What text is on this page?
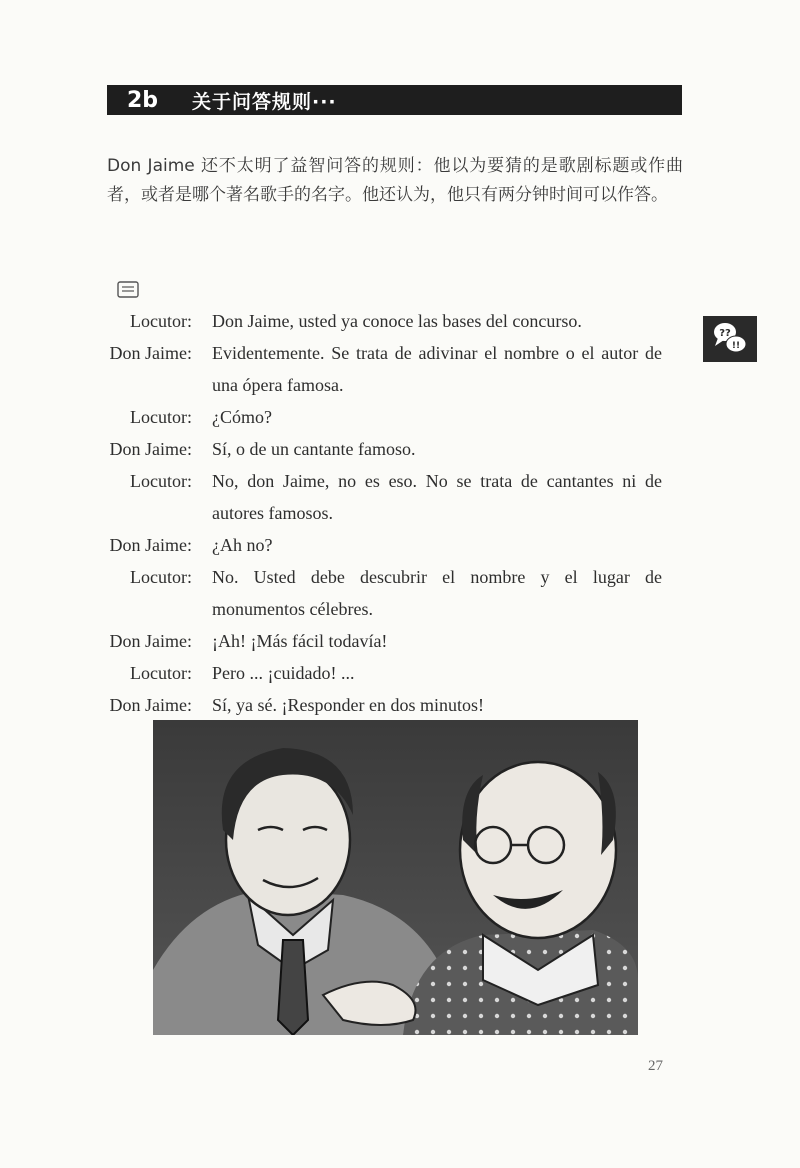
2b	关于问答规则···
Don Jaime 还不太明了益智问答的规则：他以为要猜的是歌剧标题或作曲者，或者是哪个著名歌手的名字。他还认为，他只有两分钟时间可以作答。
??
!!
Locutor:	Don Jaime, usted ya conoce las bases del concurso.
Don Jaime:	Evidentemente. Se trata de adivinar el nombre o el autor de una ópera famosa.
Locutor:	¿Cómo?
Don Jaime:	Sí, o de un cantante famoso.
Locutor:	No, don Jaime, no es eso. No se trata de cantantes ni de autores famosos.
Don Jaime:	¿Ah no?
Locutor:	No. Usted debe descubrir el nombre y el lugar de monumentos célebres.
Don Jaime:	¡Ah! ¡Más fácil todavía!
Locutor:	Pero ... ¡cuidado! ...
Don Jaime:	Sí, ya sé. ¡Responder en dos minutos!
27
